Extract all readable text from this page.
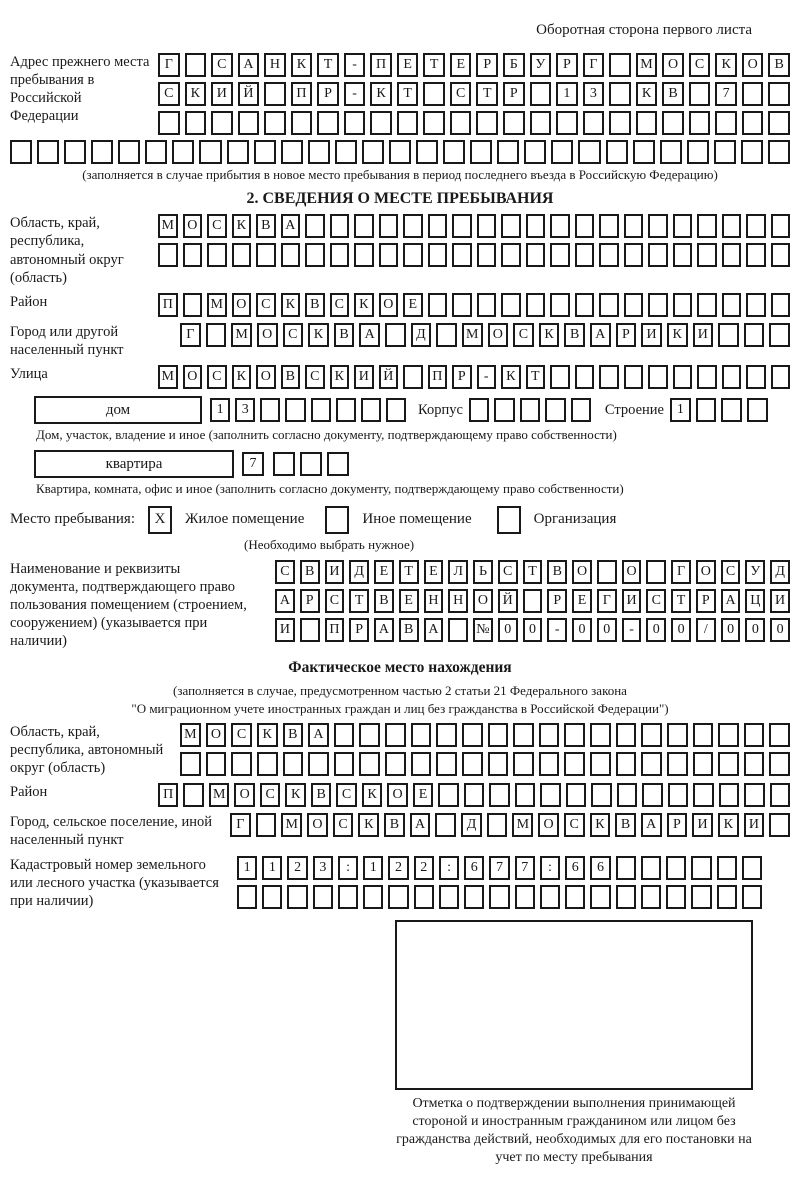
Оборотная сторона первого листа
Адрес прежнего места пребывания в Российской Федерации
Г	С	А	Н	К	Т	-	П	Е	Т	Е	Р	Б	У	Р	Г	М	О	С	К	О	В
С	К	И	Й	П	Р	-	К	Т	С	Т	Р	1	3	К	В	7
(заполняется в случае прибытия в новое место пребывания в период последнего въезда в Российскую Федерацию)
2. СВЕДЕНИЯ О МЕСТЕ ПРЕБЫВАНИЯ
Область, край, республика, автономный округ (область)
М О	С	К	В	А
Район	П	М О	С	К	В	С	К	О	Е
Город или другой населенный пункт
Г	М	О	С	К	В	А	Д	М	О	С	К	В	А	Р	И	К	И
Улица	М О	С	К	О	В	С	К	И	Й	П	Р	-	К	Т
дом	1	3	Корпус	Строение 1
Дом, участок, владение и иное (заполнить согласно документу, подтверждающему право собственности)
квартира	7
Квартира, комната, офис и иное (заполнить согласно документу, подтверждающему право собственности)
Место пребывания:	X	Жилое помещение	Иное помещение	Организация
(Необходимо выбрать нужное)
Наименование и реквизиты документа, подтверждающего право пользования помещением (строением, сооружением) (указывается при наличии)
С	В	И	Д	Е	Т	Е	Л	Ь	С	Т	В	О	О	Г	О	С	У	Д
А	Р	С	Т	В	Е	Н	Н	О	Й	Р	Е	Г	И	С	Т	Р	А	Ц	И
И	П	Р	А	В	А	№	0	0	-	0	0	-	0	0	/	0	0	0
Фактическое место нахождения
(заполняется в случае, предусмотренном частью 2 статьи 21 Федерального закона
"О миграционном учете иностранных граждан и лиц без гражданства в Российской Федерации")
Область, край, республика, автономный округ (область)
М	О	С	К	В	А
Район	П	М	О	С	К	В	С	К	О	Е
Город, сельское поселение, иной населенный пункт
Г	М	О	С	К	В	А	Д	М	О	С	К	В	А	Р	И	К	И
Кадастровый номер земельного или лесного участка (указывается при наличии)
1	1	2	3	:	1	2	2	:	6	7	7	:	6	6
Отметка о подтверждении выполнения принимающей стороной и иностранным гражданином или лицом без гражданства действий, необходимых для его постановки на учет по месту пребывания
